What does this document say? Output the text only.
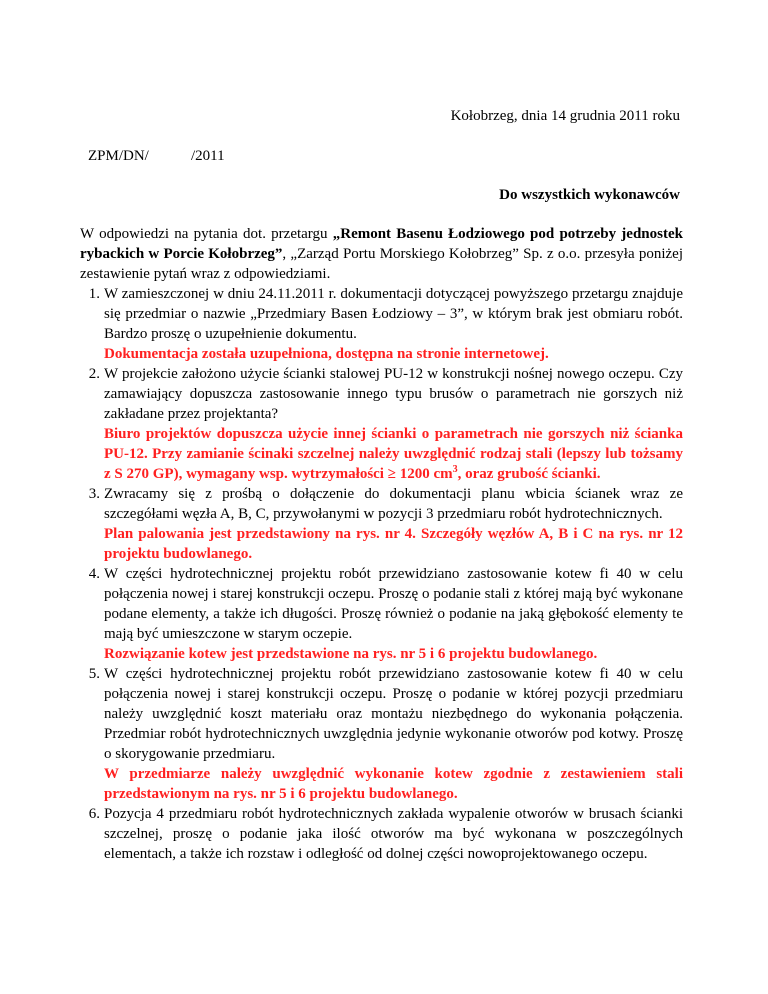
Kołobrzeg, dnia 14 grudnia 2011 roku
ZPM/DN/	/2011
Do wszystkich wykonawców

W odpowiedzi na pytania dot. przetargu „Remont Basenu Łodziowego pod potrzeby jednostek rybackich w Porcie Kołobrzeg”, „Zarząd Portu Morskiego Kołobrzeg” Sp. z o.o. przesyła poniżej zestawienie pytań wraz z odpowiedziami.

1. W zamieszczonej w dniu 24.11.2011 r. dokumentacji dotyczącej powyższego przetargu znajduje się przedmiar o nazwie „Przedmiary Basen Łodziowy – 3”, w którym brak jest obmiaru robót. Bardzo proszę o uzupełnienie dokumentu.
Dokumentacja została uzupełniona, dostępna na stronie internetowej.
2. W projekcie założono użycie ścianki stalowej PU-12 w konstrukcji nośnej nowego oczepu. Czy zamawiający dopuszcza zastosowanie innego typu brusów o parametrach nie gorszych niż zakładane przez projektanta?
Biuro projektów dopuszcza użycie innej ścianki o parametrach nie gorszych niż ścianka PU-12. Przy zamianie ścinaki szczelnej należy uwzględnić rodzaj stali (lepszy lub tożsamy z S 270 GP), wymagany wsp. wytrzymałości ≥ 1200 $cm^3$, oraz grubość ścianki.
3. Zwracamy się z prośbą o dołączenie do dokumentacji planu wbicia ścianek wraz ze szczegółami węzła A, B, C, przywołanymi w pozycji 3 przedmiaru robót hydrotechnicznych.
Plan palowania jest przedstawiony na rys. nr 4. Szczegóły węzłów A, B i C na rys. nr 12 projektu budowlanego.
4. W części hydrotechnicznej projektu robót przewidziano zastosowanie kotew fi 40 w celu połączenia nowej i starej konstrukcji oczepu. Proszę o podanie stali z której mają być wykonane podane elementy, a także ich długości. Proszę również o podanie na jaką głębokość elementy te mają być umieszczone w starym oczepie.
Rozwiązanie kotew jest przedstawione na rys. nr 5 i 6 projektu budowlanego.
5. W części hydrotechnicznej projektu robót przewidziano zastosowanie kotew fi 40 w celu połączenia nowej i starej konstrukcji oczepu. Proszę o podanie w której pozycji przedmiaru należy uwzględnić koszt materiału oraz montażu niezbędnego do wykonania połączenia. Przedmiar robót hydrotechnicznych uwzględnia jedynie wykonanie otworów pod kotwy. Proszę o skorygowanie przedmiaru.
W przedmiarze należy uwzględnić wykonanie kotew zgodnie z zestawieniem stali przedstawionym na rys. nr 5 i 6 projektu budowlanego.
6. Pozycja 4 przedmiaru robót hydrotechnicznych zakłada wypalenie otworów w brusach ścianki szczelnej, proszę o podanie jaka ilość otworów ma być wykonana w poszczególnych elementach, a także ich rozstaw i odległość od dolnej części nowoprojektowanego oczepu.
